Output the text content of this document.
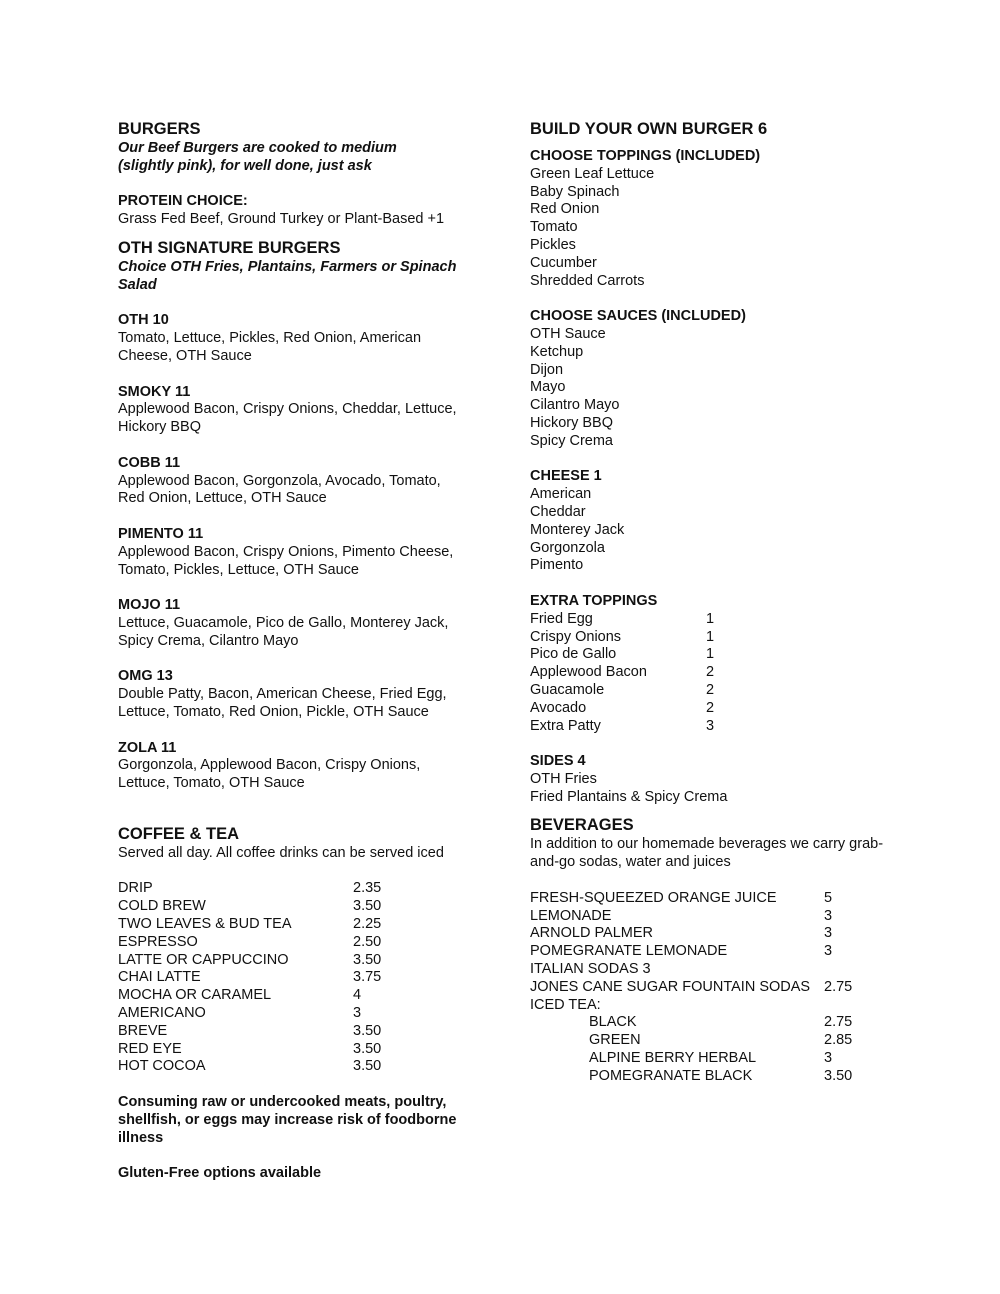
BURGERS
Our Beef Burgers are cooked to medium
(slightly pink), for well done, just ask
PROTEIN CHOICE:
Grass Fed Beef, Ground Turkey or Plant-Based +1
OTH SIGNATURE BURGERS
Choice OTH Fries, Plantains, Farmers or Spinach Salad
OTH 10
Tomato, Lettuce, Pickles, Red Onion, American
Cheese, OTH Sauce
SMOKY 11
Applewood Bacon, Crispy Onions, Cheddar, Lettuce,
Hickory BBQ
COBB 11
Applewood Bacon, Gorgonzola, Avocado, Tomato,
Red Onion, Lettuce, OTH Sauce
PIMENTO 11
Applewood Bacon, Crispy Onions, Pimento Cheese,
Tomato, Pickles, Lettuce, OTH Sauce
MOJO 11
Lettuce, Guacamole, Pico de Gallo, Monterey Jack,
Spicy Crema, Cilantro Mayo
OMG 13
Double Patty, Bacon, American Cheese, Fried Egg,
Lettuce, Tomato, Red Onion, Pickle, OTH Sauce
ZOLA 11
Gorgonzola, Applewood Bacon, Crispy Onions,
Lettuce, Tomato, OTH Sauce
COFFEE & TEA
Served all day. All coffee drinks can be served iced
DRIP	2.35
COLD BREW	3.50
TWO LEAVES & BUD TEA	2.25
ESPRESSO	2.50
LATTE OR CAPPUCCINO	3.50
CHAI LATTE	3.75
MOCHA OR CARAMEL	4
AMERICANO	3
BREVE	3.50
RED EYE	3.50
HOT COCOA	3.50
Consuming raw or undercooked meats, poultry,
shellfish, or eggs may increase risk of foodborne illness
Gluten-Free options available
BUILD YOUR OWN BURGER 6
CHOOSE TOPPINGS (INCLUDED)
Green Leaf Lettuce
Baby Spinach
Red Onion
Tomato
Pickles
Cucumber
Shredded Carrots
CHOOSE SAUCES (INCLUDED)
OTH Sauce
Ketchup
Dijon
Mayo
Cilantro Mayo
Hickory BBQ
Spicy Crema
CHEESE 1
American
Cheddar
Monterey Jack
Gorgonzola
Pimento
EXTRA TOPPINGS
Fried Egg	1
Crispy Onions	1
Pico de Gallo	1
Applewood Bacon	2
Guacamole	2
Avocado	2
Extra Patty	3
SIDES 4
OTH Fries
Fried Plantains & Spicy Crema
BEVERAGES
In addition to our homemade beverages we carry grab-
and-go sodas, water and juices
FRESH-SQUEEZED ORANGE JUICE	5
LEMONADE	3
ARNOLD PALMER	3
POMEGRANATE LEMONADE	3
ITALIAN SODAS 3
JONES CANE SUGAR FOUNTAIN SODAS 2.75
ICED TEA:
BLACK	2.75
GREEN	2.85
ALPINE BERRY HERBAL	3
POMEGRANATE BLACK	3.50
